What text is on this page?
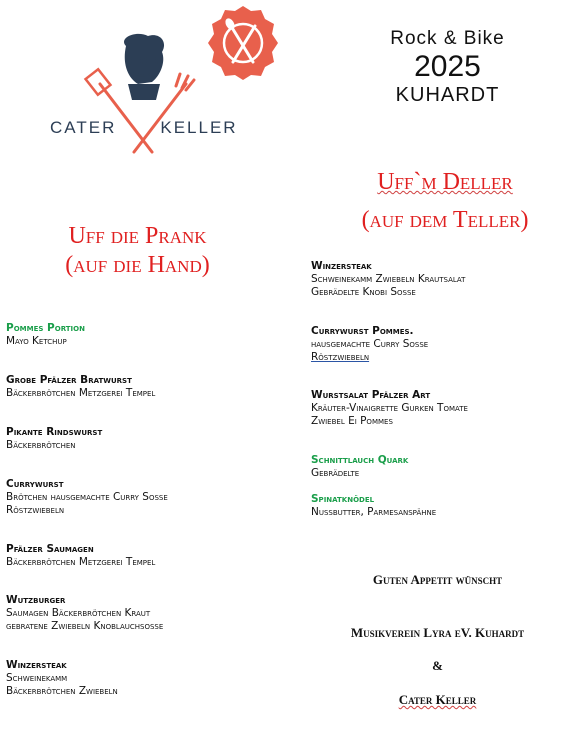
CATER	KELLER
Rock & Bike
2025
KUHARDT
Uff die Prank
(auf die Hand)
Uff`m Deller
(auf dem Teller)
Pommes Portion
Mayo Ketchup
Grobe Pfälzer Bratwurst
Bäckerbrötchen Metzgerei Tempel
Pikante Rindswurst
Bäckerbrötchen
Currywurst
Brötchen hausgemachte Curry Sosse
Röstzwiebeln
Pfälzer Saumagen
Bäckerbrötchen Metzgerei Tempel
Wutzburger
Saumagen Bäckerbrötchen Kraut
gebratene Zwiebeln Knoblauchsosse
Winzersteak
Schweinekamm
Bäckerbrötchen Zwiebeln
Winzersteak
Schweinekamm Zwiebeln Krautsalat
Gebrädelte Knobi Sosse
Currywurst Pommes.
hausgemachte Curry Sosse
Röstzwiebeln
Wurstsalat Pfälzer Art
Kräuter-Vinaigrette Gurken Tomate
Zwiebel Ei Pommes
Schnittlauch Quark
Gebrädelte
Spinatknödel
Nussbutter, Parmesanspähne
Guten Appetit wünscht
Musikverein Lyra eV. Kuhardt
&
Cater Keller
